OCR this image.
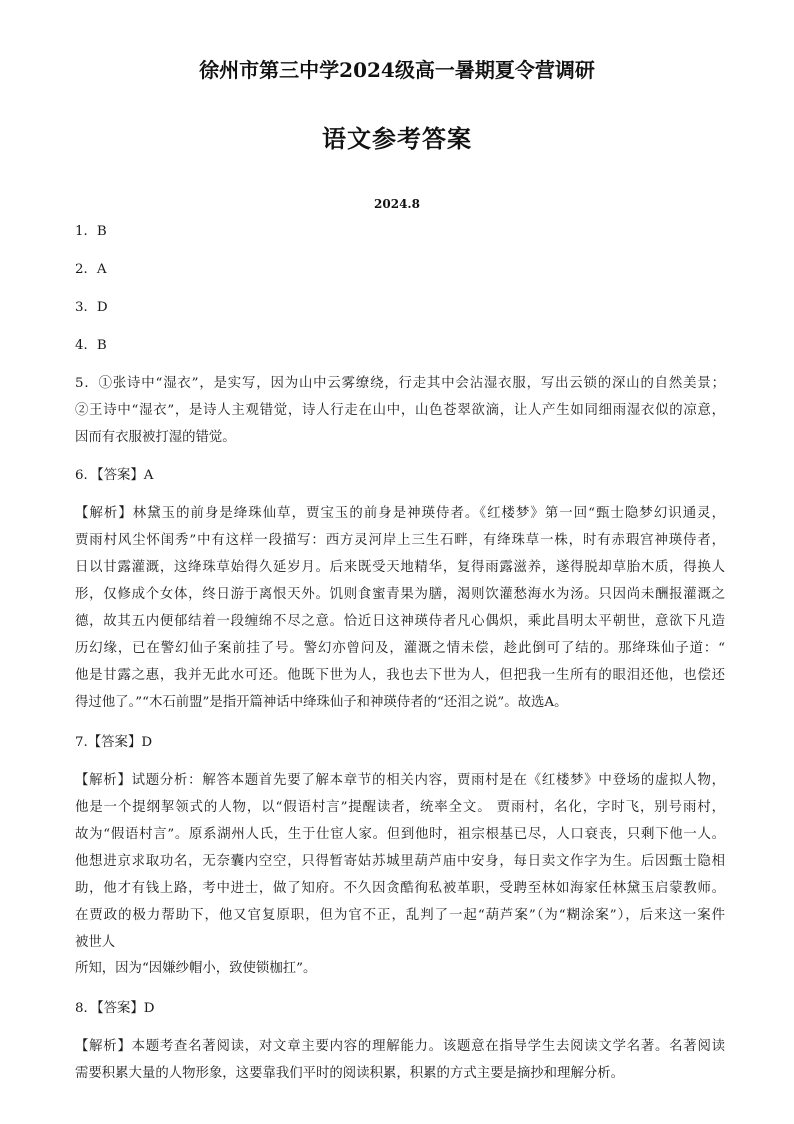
徐州市第三中学2024级高一暑期夏令营调研
语文参考答案
2024.8
1．B
2．A
3．D
4．B
5．①张诗中“湿衣”，是实写，因为山中云雾缭绕，行走其中会沾湿衣服，写出云锁的深山的自然美景；
②王诗中“湿衣”，是诗人主观错觉，诗人行走在山中，山色苍翠欲滴，让人产生如同细雨湿衣似的凉意，
因而有衣服被打湿的错觉。
6．【答案】A
【解析】林黛玉的前身是绛珠仙草，贾宝玉的前身是神瑛侍者。《红楼梦》第一回“甄士隐梦幻识通灵，
贾雨村风尘怀闺秀”中有这样一段描写：西方灵河岸上三生石畔，有绛珠草一株，时有赤瑕宫神瑛侍者，
日以甘露灌溉，这绛珠草始得久延岁月。后来既受天地精华，复得雨露滋养，遂得脱却草胎木质，得换人
形，仅修成个女体，终日游于离恨天外。饥则食蜜青果为膳，渴则饮灌愁海水为汤。只因尚未酬报灌溉之
德，故其五内便郁结着一段缠绵不尽之意。恰近日这神瑛侍者凡心偶炽，乘此昌明太平朝世，意欲下凡造
历幻缘，已在警幻仙子案前挂了号。警幻亦曾问及，灌溉之情未偿，趁此倒可了结的。那绛珠仙子道：“
他是甘露之惠，我并无此水可还。他既下世为人，我也去下世为人，但把我一生所有的眼泪还他，也偿还
得过他了。”“木石前盟”是指开篇神话中绛珠仙子和神瑛侍者的“还泪之说”。故选A。
7.【答案】D
【解析】试题分析：解答本题首先要了解本章节的相关内容，贾雨村是在《红楼梦》中登场的虚拟人物，
他是一个提纲挈领式的人物，以“假语村言”提醒读者，统率全文。 贾雨村，名化，字时飞，别号雨村，
故为“假语村言”。原系湖州人氏，生于仕宦人家。但到他时，祖宗根基已尽，人口衰丧，只剩下他一人。
他想进京求取功名，无奈囊内空空，只得暂寄姑苏城里葫芦庙中安身，每日卖文作字为生。后因甄士隐相
助，他才有钱上路，考中进士，做了知府。不久因贪酷徇私被革职，受聘至林如海家任林黛玉启蒙教师。
在贾政的极力帮助下，他又官复原职，但为官不正，乱判了一起“葫芦案”（为“糊涂案”），后来这一案件
被世人
所知，因为“因嫌纱帽小，致使锁枷扛”。
8．【答案】D
【解析】本题考查名著阅读，对文章主要内容的理解能力。该题意在指导学生去阅读文学名著。名著阅读
需要积累大量的人物形象，这要靠我们平时的阅读积累，积累的方式主要是摘抄和理解分析。
